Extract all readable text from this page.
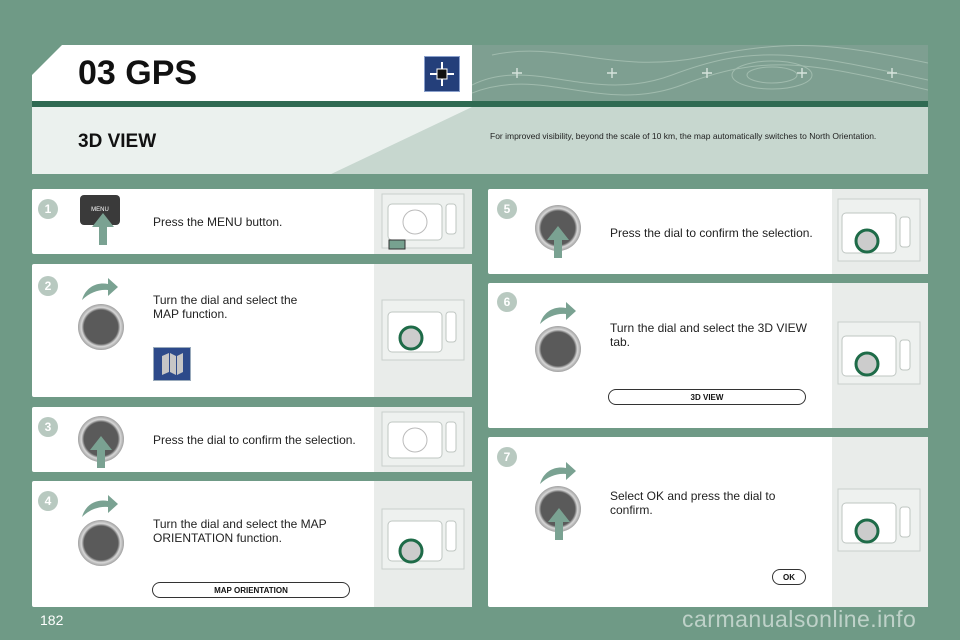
03 GPS
3D VIEW	For improved visibility, beyond the scale of 10 km, the map automatically switches to North Orientation.
1	MENU
Press the MENU button.
2
Turn the dial and select the MAP function.
3
Press the dial to confirm the selection.
4
Turn the dial and select the MAP ORIENTATION function.
MAP ORIENTATION
5
Press the dial to confirm the selection.
6
Turn the dial and select the 3D VIEW tab.
3D VIEW
7
Select OK and press the dial to confirm.
OK
182	carmanualsonline.info
